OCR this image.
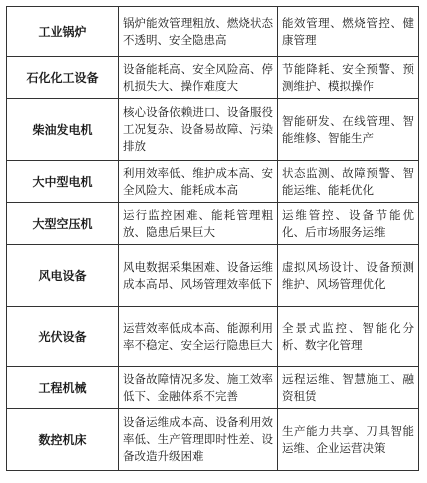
工业锅炉	锅炉能效管理粗放、燃烧状态不透明、安全隐患高	能效管理、燃烧管控、健康管理
石化化工设备	设备能耗高、安全风险高、停机损失大、操作难度大	节能降耗、安全预警、预测维护、模拟操作
柴油发电机	核心设备依赖进口、设备服役工况复杂、设备易故障、污染排放	智能研发、在线管理、智能维修、智能生产
大中型电机	利用效率低、维护成本高、安全风险大、能耗成本高	状态监测、故障预警、智能运维、能耗优化
大型空压机	运行监控困难、能耗管理粗放、隐患后果巨大	运维管控、设备节能优化、后市场服务运维
风电设备	风电数据采集困难、设备运维成本高昂、风场管理效率低下	虚拟风场设计、设备预测维护、风场管理优化
光伏设备	运营效率低成本高、能源利用率不稳定、安全运行隐患巨大	全景式监控、智能化分析、数字化管理
工程机械	设备故障情况多发、施工效率低下、金融体系不完善	远程运维、智慧施工、融资租赁
数控机床	设备运维成本高、设备利用效率低、生产管理即时性差、设备改造升级困难	生产能力共享、刀具智能运维、企业运营决策
